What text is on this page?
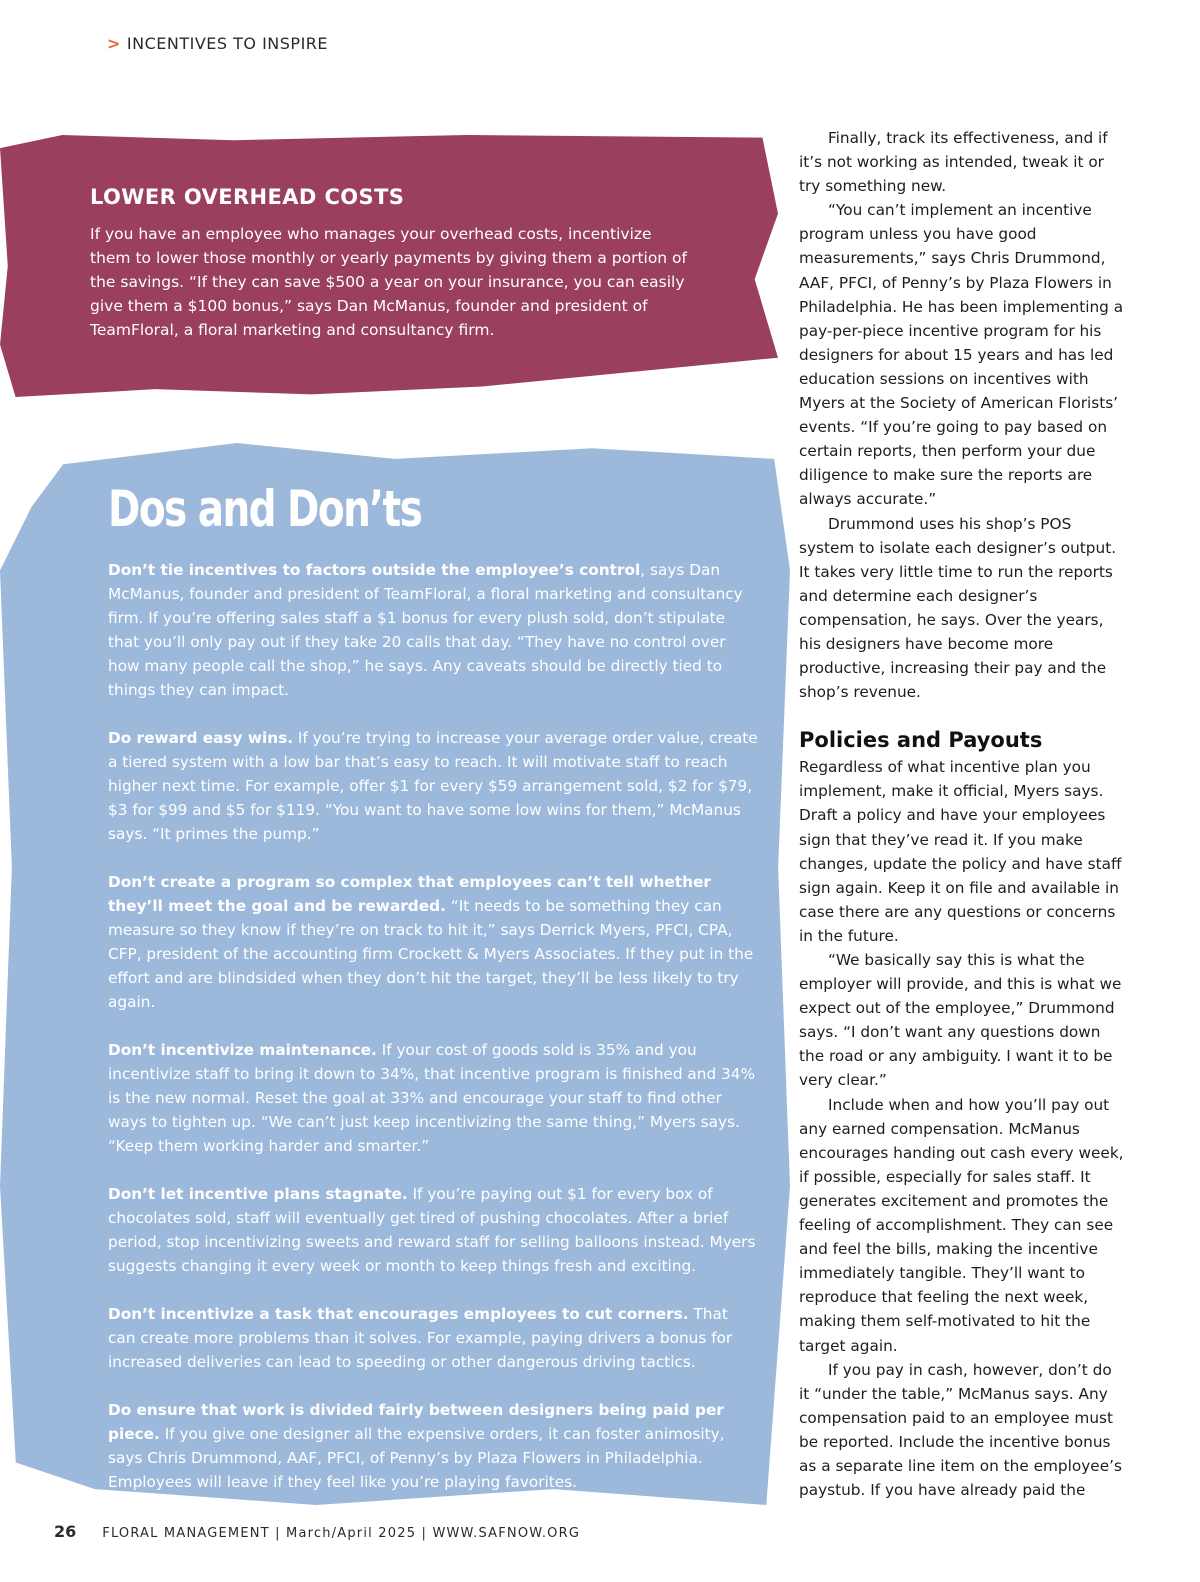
> INCENTIVES TO INSPIRE
LOWER OVERHEAD COSTS
If you have an employee who manages your overhead costs, incentivize them to lower those monthly or yearly payments by giving them a portion of the savings. “If they can save $500 a year on your insurance, you can easily give them a $100 bonus,” says Dan McManus, founder and president of TeamFloral, a floral marketing and consultancy firm.
Dos and Don’ts
Don’t tie incentives to factors outside the employee’s control, says Dan McManus, founder and president of TeamFloral, a floral marketing and consultancy firm. If you’re offering sales staff a $1 bonus for every plush sold, don’t stipulate that you’ll only pay out if they take 20 calls that day. “They have no control over how many people call the shop,” he says. Any caveats should be directly tied to things they can impact.
Do reward easy wins. If you’re trying to increase your average order value, create a tiered system with a low bar that’s easy to reach. It will motivate staff to reach higher next time. For example, offer $1 for every $59 arrangement sold, $2 for $79, $3 for $99 and $5 for $119. “You want to have some low wins for them,” McManus says. “It primes the pump.”
Don’t create a program so complex that employees can’t tell whether they’ll meet the goal and be rewarded. “It needs to be something they can measure so they know if they’re on track to hit it,” says Derrick Myers, PFCI, CPA, CFP, president of the accounting firm Crockett & Myers Associates. If they put in the effort and are blindsided when they don’t hit the target, they’ll be less likely to try again.
Don’t incentivize maintenance. If your cost of goods sold is 35% and you incentivize staff to bring it down to 34%, that incentive program is finished and 34% is the new normal. Reset the goal at 33% and encourage your staff to find other ways to tighten up. “We can’t just keep incentivizing the same thing,” Myers says. “Keep them working harder and smarter.”
Don’t let incentive plans stagnate. If you’re paying out $1 for every box of chocolates sold, staff will eventually get tired of pushing chocolates. After a brief period, stop incentivizing sweets and reward staff for selling balloons instead. Myers suggests changing it every week or month to keep things fresh and exciting.
Don’t incentivize a task that encourages employees to cut corners. That can create more problems than it solves. For example, paying drivers a bonus for increased deliveries can lead to speeding or other dangerous driving tactics.
Do ensure that work is divided fairly between designers being paid per piece. If you give one designer all the expensive orders, it can foster animosity, says Chris Drummond, AAF, PFCI, of Penny’s by Plaza Flowers in Philadelphia. Employees will leave if they feel like you’re playing favorites.

Finally, track its effectiveness, and if it’s not working as intended, tweak it or try something new.

“You can’t implement an incentive program unless you have good measurements,” says Chris Drummond, AAF, PFCI, of Penny’s by Plaza Flowers in Philadelphia. He has been implementing a pay-per-piece incentive program for his designers for about 15 years and has led education sessions on incentives with Myers at the Society of American Florists’ events. “If you’re going to pay based on certain reports, then perform your due diligence to make sure the reports are always accurate.”

Drummond uses his shop’s POS system to isolate each designer’s output. It takes very little time to run the reports and determine each designer’s compensation, he says. Over the years, his designers have become more productive, increasing their pay and the shop’s revenue.

Policies and Payouts

Regardless of what incentive plan you implement, make it official, Myers says. Draft a policy and have your employees sign that they’ve read it. If you make changes, update the policy and have staff sign again. Keep it on file and available in case there are any questions or concerns in the future.

“We basically say this is what the employer will provide, and this is what we expect out of the employee,” Drummond says. “I don’t want any questions down the road or any ambiguity. I want it to be very clear.”

Include when and how you’ll pay out any earned compensation. McManus encourages handing out cash every week, if possible, especially for sales staff. It generates excitement and promotes the feeling of accomplishment. They can see and feel the bills, making the incentive immediately tangible. They’ll want to reproduce that feeling the next week, making them self-motivated to hit the target again.

If you pay in cash, however, don’t do it “under the table,” McManus says. Any compensation paid to an employee must be reported. Include the incentive bonus as a separate line item on the employee’s paystub. If you have already paid the

26 FLORAL MANAGEMENT | March/April 2025 | WWW.SAFNOW.ORG
